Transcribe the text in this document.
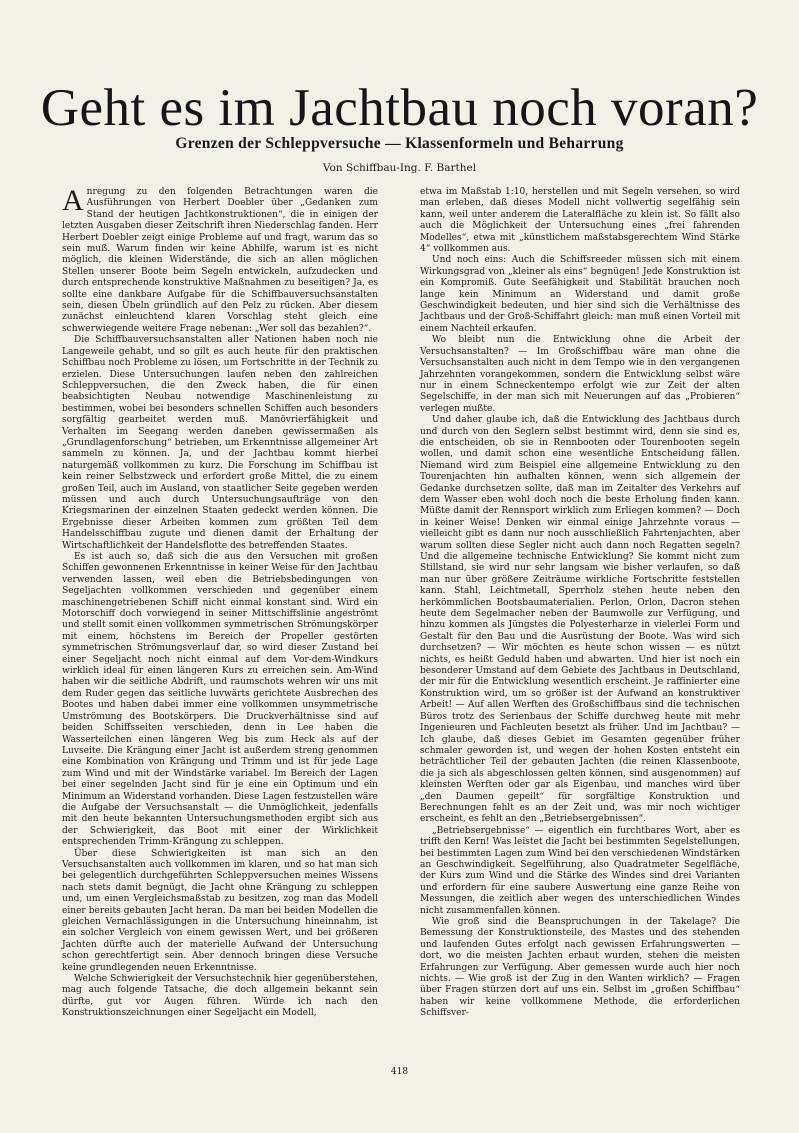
Geht es im Jachtbau noch voran?
Grenzen der Schleppversuche — Klassenformeln und Beharrung
Von Schiffbau-Ing. F. Barthel

Anregung zu den folgenden Betrachtungen waren die Ausführungen von Herbert Doebler über „Gedanken zum Stand der heutigen Jachtkonstruktionen“, die in einigen der letzten Ausgaben dieser Zeitschrift ihren Niederschlag fanden. Herr Herbert Doebler zeigt einige Probleme auf und fragt, warum das so sein muß. Warum finden wir keine Abhilfe, warum ist es nicht möglich, die kleinen Widerstände, die sich an allen möglichen Stellen unserer Boote beim Segeln entwickeln, aufzudecken und durch entsprechende konstruktive Maßnahmen zu beseitigen? Ja, es sollte eine dankbare Aufgabe für die Schiffbauversuchsanstalten sein, diesen Übeln gründlich auf den Pelz zu rücken. Aber diesem zunächst einleuchtend klaren Vorschlag steht gleich eine schwerwiegende weitere Frage nebenan: „Wer soll das bezahlen?“.

Die Schiffbauversuchsanstalten aller Nationen haben noch nie Langeweile gehabt, und so gilt es auch heute für den praktischen Schiffbau noch Probleme zu lösen, um Fortschritte in der Technik zu erzielen. Diese Untersuchungen laufen neben den zahlreichen Schleppversuchen, die den Zweck haben, die für einen beabsichtigten Neubau notwendige Maschinenleistung zu bestimmen, wobei bei besonders schnellen Schiffen auch besonders sorgfältig gearbeitet werden muß. Manövrierfähigkeit und Verhalten im Seegang werden daneben gewissermaßen als „Grundlagenforschung“ betrieben, um Erkenntnisse allgemeiner Art sammeln zu können. Ja, und der Jachtbau kommt hierbei naturgemäß vollkommen zu kurz. Die Forschung im Schiffbau ist kein reiner Selbstzweck und erfordert große Mittel, die zu einem großen Teil, auch im Ausland, von staatlicher Seite gegeben werden müssen und auch durch Untersuchungsaufträge von den Kriegsmarinen der einzelnen Staaten gedeckt werden können. Die Ergebnisse dieser Arbeiten kommen zum größten Teil dem Handelsschiffbau zugute und dienen damit der Erhaltung der Wirtschaftlichkeit der Handelsflotte des betreffenden Staates.

Es ist auch so, daß sich die aus den Versuchen mit großen Schiffen gewonnenen Erkenntnisse in keiner Weise für den Jachtbau verwenden lassen, weil eben die Betriebsbedingungen von Segeljachten vollkommen verschieden und gegenüber einem maschinengetriebenen Schiff nicht einmal konstant sind. Wird ein Motorschiff doch vorwiegend in seiner Mittschiffslinie angeströmt und stellt somit einen vollkommen symmetrischen Strömungskörper mit einem, höchstens im Bereich der Propeller gestörten symmetrischen Strömungsverlauf dar, so wird dieser Zustand bei einer Segeljacht noch nicht einmal auf dem Vor-dem-Windkurs wirklich ideal für einen längeren Kurs zu erreichen sein. Am-Wind haben wir die seitliche Abdrift, und raumschots wehren wir uns mit dem Ruder gegen das seitliche luvwärts gerichtete Ausbrechen des Bootes und haben dabei immer eine vollkommen unsymmetrische Umströmung des Bootskörpers. Die Druckverhältnisse sind auf beiden Schiffsseiten verschieden, denn in Lee haben die Wasserteilchen einen längeren Weg bis zum Heck als auf der Luvseite. Die Krängung einer Jacht ist außerdem streng genommen eine Kombination von Krängung und Trimm und ist für jede Lage zum Wind und mit der Windstärke variabel. Im Bereich der Lagen bei einer segelnden Jacht sind für je eine ein Optimum und ein Minimum an Widerstand vorhanden. Diese Lagen festzustellen wäre die Aufgabe der Versuchsanstalt — die Unmöglichkeit, jedenfalls mit den heute bekannten Untersuchungsmethoden ergibt sich aus der Schwierigkeit, das Boot mit einer der Wirklichkeit entsprechenden Trimm-Krängung zu schleppen.

Über diese Schwierigkeiten ist man sich an den Versuchsanstalten auch vollkommen im klaren, und so hat man sich bei gelegentlich durchgeführten Schleppversuchen meines Wissens nach stets damit begnügt, die Jacht ohne Krängung zu schleppen und, um einen Vergleichsmaßstab zu besitzen, zog man das Modell einer bereits gebauten Jacht heran. Da man bei beiden Modellen die gleichen Vernachlässigungen in die Untersuchung hineinnahm, ist ein solcher Vergleich von einem gewissen Wert, und bei größeren Jachten dürfte auch der materielle Aufwand der Untersuchung schon gerechtfertigt sein. Aber dennoch bringen diese Versuche keine grundlegenden neuen Erkenntnisse.

Welche Schwierigkeit der Versuchstechnik hier gegenüberstehen, mag auch folgende Tatsache, die doch allgemein bekannt sein dürfte, gut vor Augen führen. Würde ich nach den Konstruktionszeichnungen einer Segeljacht ein Modell,

etwa im Maßstab 1:10, herstellen und mit Segeln versehen, so wird man erleben, daß dieses Modell nicht vollwertig segelfähig sein kann, weil unter anderem die Lateralfläche zu klein ist. So fällt also auch die Möglichkeit der Untersuchung eines „frei fahrenden Modelles“, etwa mit „künstlichem maßstabsgerechtem Wind Stärke 4“ vollkommen aus.

Und noch eins: Auch die Schiffsreeder müssen sich mit einem Wirkungsgrad von „kleiner als eins“ begnügen! Jede Konstruktion ist ein Kompromiß. Gute Seefähigkeit und Stabilität brauchen noch lange kein Minimum an Widerstand und damit große Geschwindigkeit bedeuten, und hier sind sich die Verhältnisse des Jachtbaus und der Groß-Schiffahrt gleich: man muß einen Vorteil mit einem Nachteil erkaufen.

Wo bleibt nun die Entwicklung ohne die Arbeit der Versuchsanstalten? — Im Großschiffbau wäre man ohne die Versuchsanstalten auch nicht in dem Tempo wie in den vergangenen Jahrzehnten vorangekommen, sondern die Entwicklung selbst wäre nur in einem Schneckentempo erfolgt wie zur Zeit der alten Segelschiffe, in der man sich mit Neuerungen auf das „Probieren“ verlegen mußte.

Und daher glaube ich, daß die Entwicklung des Jachtbaus durch und durch von den Seglern selbst bestimmt wird, denn sie sind es, die entscheiden, ob sie in Rennbooten oder Tourenbooten segeln wollen, und damit schon eine wesentliche Entscheidung fällen. Niemand wird zum Beispiel eine allgemeine Entwicklung zu den Tourenjachten hin aufhalten können, wenn sich allgemein der Gedanke durchsetzen sollte, daß man im Zeitalter des Verkehrs auf dem Wasser eben wohl doch noch die beste Erholung finden kann. Müßte damit der Rennsport wirklich zum Erliegen kommen? — Doch in keiner Weise! Denken wir einmal einige Jahrzehnte voraus — vielleicht gibt es dann nur noch ausschließlich Fahrtenjachten, aber warum sollten diese Segler nicht auch dann noch Regatten segeln? Und die allgemeine technische Entwicklung? Sie kommt nicht zum Stillstand, sie wird nur sehr langsam wie bisher verlaufen, so daß man nur über größere Zeiträume wirkliche Fortschritte feststellen kann. Stahl, Leichtmetall, Sperrholz stehen heute neben den herkömmlichen Bootsbaumaterialien. Perlon, Orlon, Dacron stehen heute dem Segelmacher neben der Baumwolle zur Verfügung, und hinzu kommen als Jüngstes die Polyesterharze in vielerlei Form und Gestalt für den Bau und die Ausrüstung der Boote. Was wird sich durchsetzen? — Wir möchten es heute schon wissen — es nützt nichts, es heißt Geduld haben und abwarten. Und hier ist noch ein besonderer Umstand auf dem Gebiete des Jachtbaus in Deutschland, der mir für die Entwicklung wesentlich erscheint. Je raffinierter eine Konstruktion wird, um so größer ist der Aufwand an konstruktiver Arbeit! — Auf allen Werften des Großschiffbaus sind die technischen Büros trotz des Serienbaus der Schiffe durchweg heute mit mehr Ingenieuren und Fachleuten besetzt als früher. Und im Jachtbau? — Ich glaube, daß dieses Gebiet im Gesamten gegenüber früher schmaler geworden ist, und wegen der hohen Kosten entsteht ein beträchtlicher Teil der gebauten Jachten (die reinen Klassenboote, die ja sich als abgeschlossen gelten können, sind ausgenommen) auf kleinsten Werften oder gar als Eigenbau, und manches wird über „den Daumen gepeilt“ für sorgfältige Konstruktion und Berechnungen fehlt es an der Zeit und, was mir noch wichtiger erscheint, es fehlt an den „Betriebsergebnissen“.

„Betriebsergebnisse“ — eigentlich ein furchtbares Wort, aber es trifft den Kern! Was leistet die Jacht bei bestimmten Segelstellungen, bei bestimmten Lagen zum Wind bei den verschiedenen Windstärken an Geschwindigkeit. Segelführung, also Quadratmeter Segelfläche, der Kurs zum Wind und die Stärke des Windes sind drei Varianten und erfordern für eine saubere Auswertung eine ganze Reihe von Messungen, die zeitlich aber wegen des unterschiedlichen Windes nicht zusammenfallen können.

Wie groß sind die Beanspruchungen in der Takelage? Die Bemessung der Konstruktionsteile, des Mastes und des stehenden und laufenden Gutes erfolgt nach gewissen Erfahrungswerten — dort, wo die meisten Jachten erbaut wurden, stehen die meisten Erfahrungen zur Verfügung. Aber gemessen wurde auch hier noch nichts. — Wie groß ist der Zug in den Wanten wirklich? — Fragen über Fragen stürzen dort auf uns ein. Selbst im „großen Schiffbau“ haben wir keine vollkommene Methode, die erforderlichen Schiffsver-

418
